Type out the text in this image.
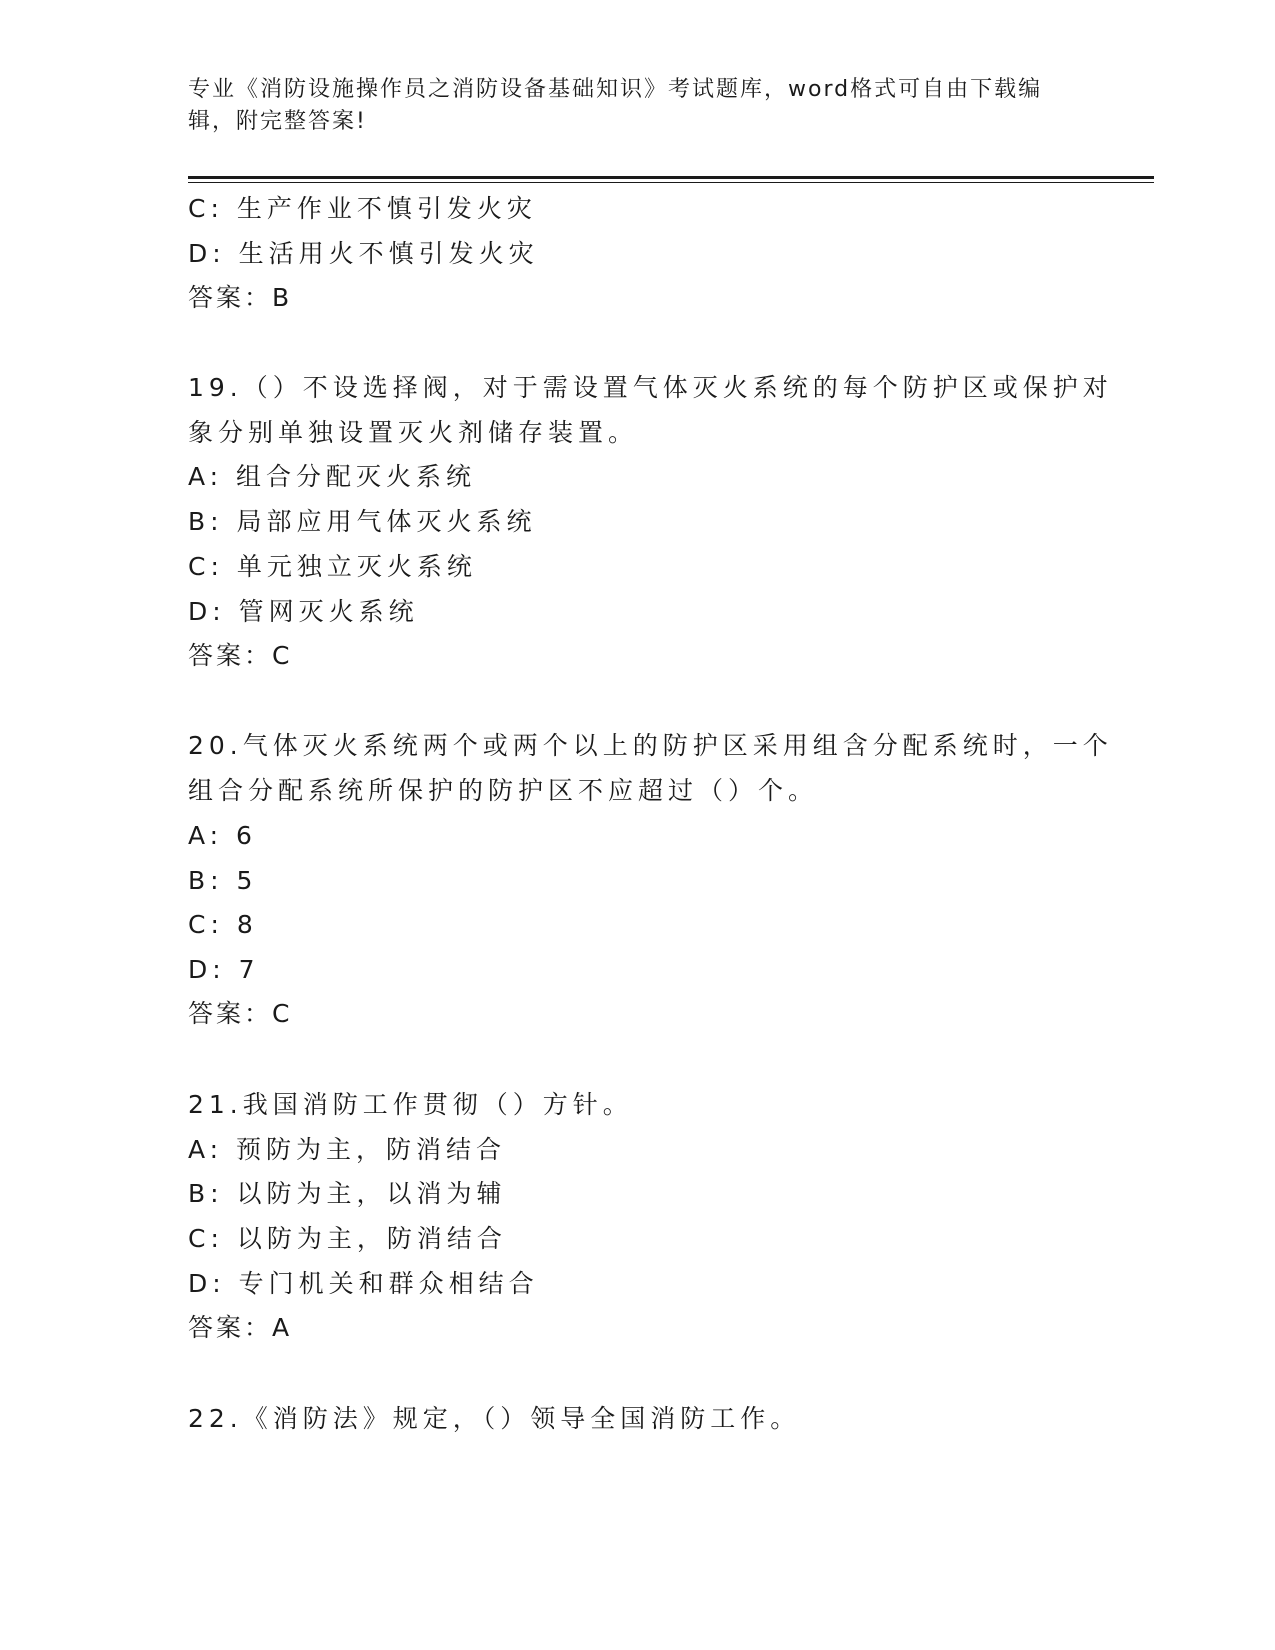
专业《消防设施操作员之消防设备基础知识》考试题库，word格式可自由下载编
辑，附完整答案!
C: 生产作业不慎引发火灾
D: 生活用火不慎引发火灾
答案：B
19.（）不设选择阀，对于需设置气体灭火系统的每个防护区或保护对
象分别单独设置灭火剂储存装置。
A: 组合分配灭火系统
B: 局部应用气体灭火系统
C: 单元独立灭火系统
D: 管网灭火系统
答案：C
20.气体灭火系统两个或两个以上的防护区采用组含分配系统时，一个
组合分配系统所保护的防护区不应超过（）个。
A: 6
B: 5
C: 8
D: 7
答案：C
21.我国消防工作贯彻（）方针。
A: 预防为主，防消结合
B: 以防为主，以消为辅
C: 以防为主，防消结合
D: 专门机关和群众相结合
答案：A
22.《消防法》规定，（）领导全国消防工作。
